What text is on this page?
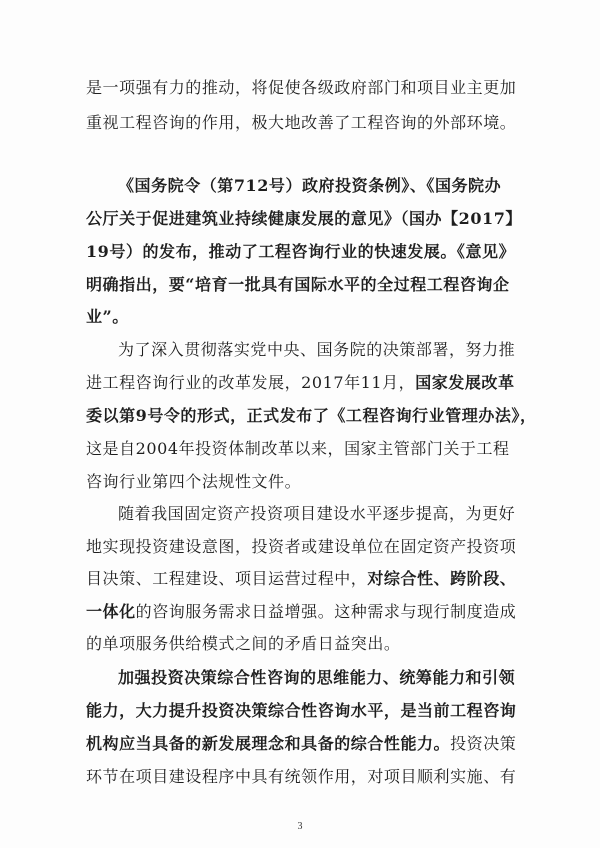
是一项强有力的推动，将促使各级政府部门和项目业主更加
重视工程咨询的作用，极大地改善了工程咨询的外部环境。
《国务院令（第712号）政府投资条例》、《国务院办
公厅关于促进建筑业持续健康发展的意见》（国办【2017】
19号）的发布，推动了工程咨询行业的快速发展。《意见》
明确指出，要“培育一批具有国际水平的全过程工程咨询企
业”。
为了深入贯彻落实党中央、国务院的决策部署，努力推
进工程咨询行业的改革发展，2017年11月，国家发展改革
委以第9号令的形式，正式发布了《工程咨询行业管理办法》，
这是自2004年投资体制改革以来，国家主管部门关于工程
咨询行业第四个法规性文件。
随着我国固定资产投资项目建设水平逐步提高，为更好
地实现投资建设意图，投资者或建设单位在固定资产投资项
目决策、工程建设、项目运营过程中，对综合性、跨阶段、
一体化的咨询服务需求日益增强。这种需求与现行制度造成
的单项服务供给模式之间的矛盾日益突出。
加强投资决策综合性咨询的思维能力、统筹能力和引领
能力，大力提升投资决策综合性咨询水平，是当前工程咨询
机构应当具备的新发展理念和具备的综合性能力。投资决策
环节在项目建设程序中具有统领作用，对项目顺利实施、有
3
